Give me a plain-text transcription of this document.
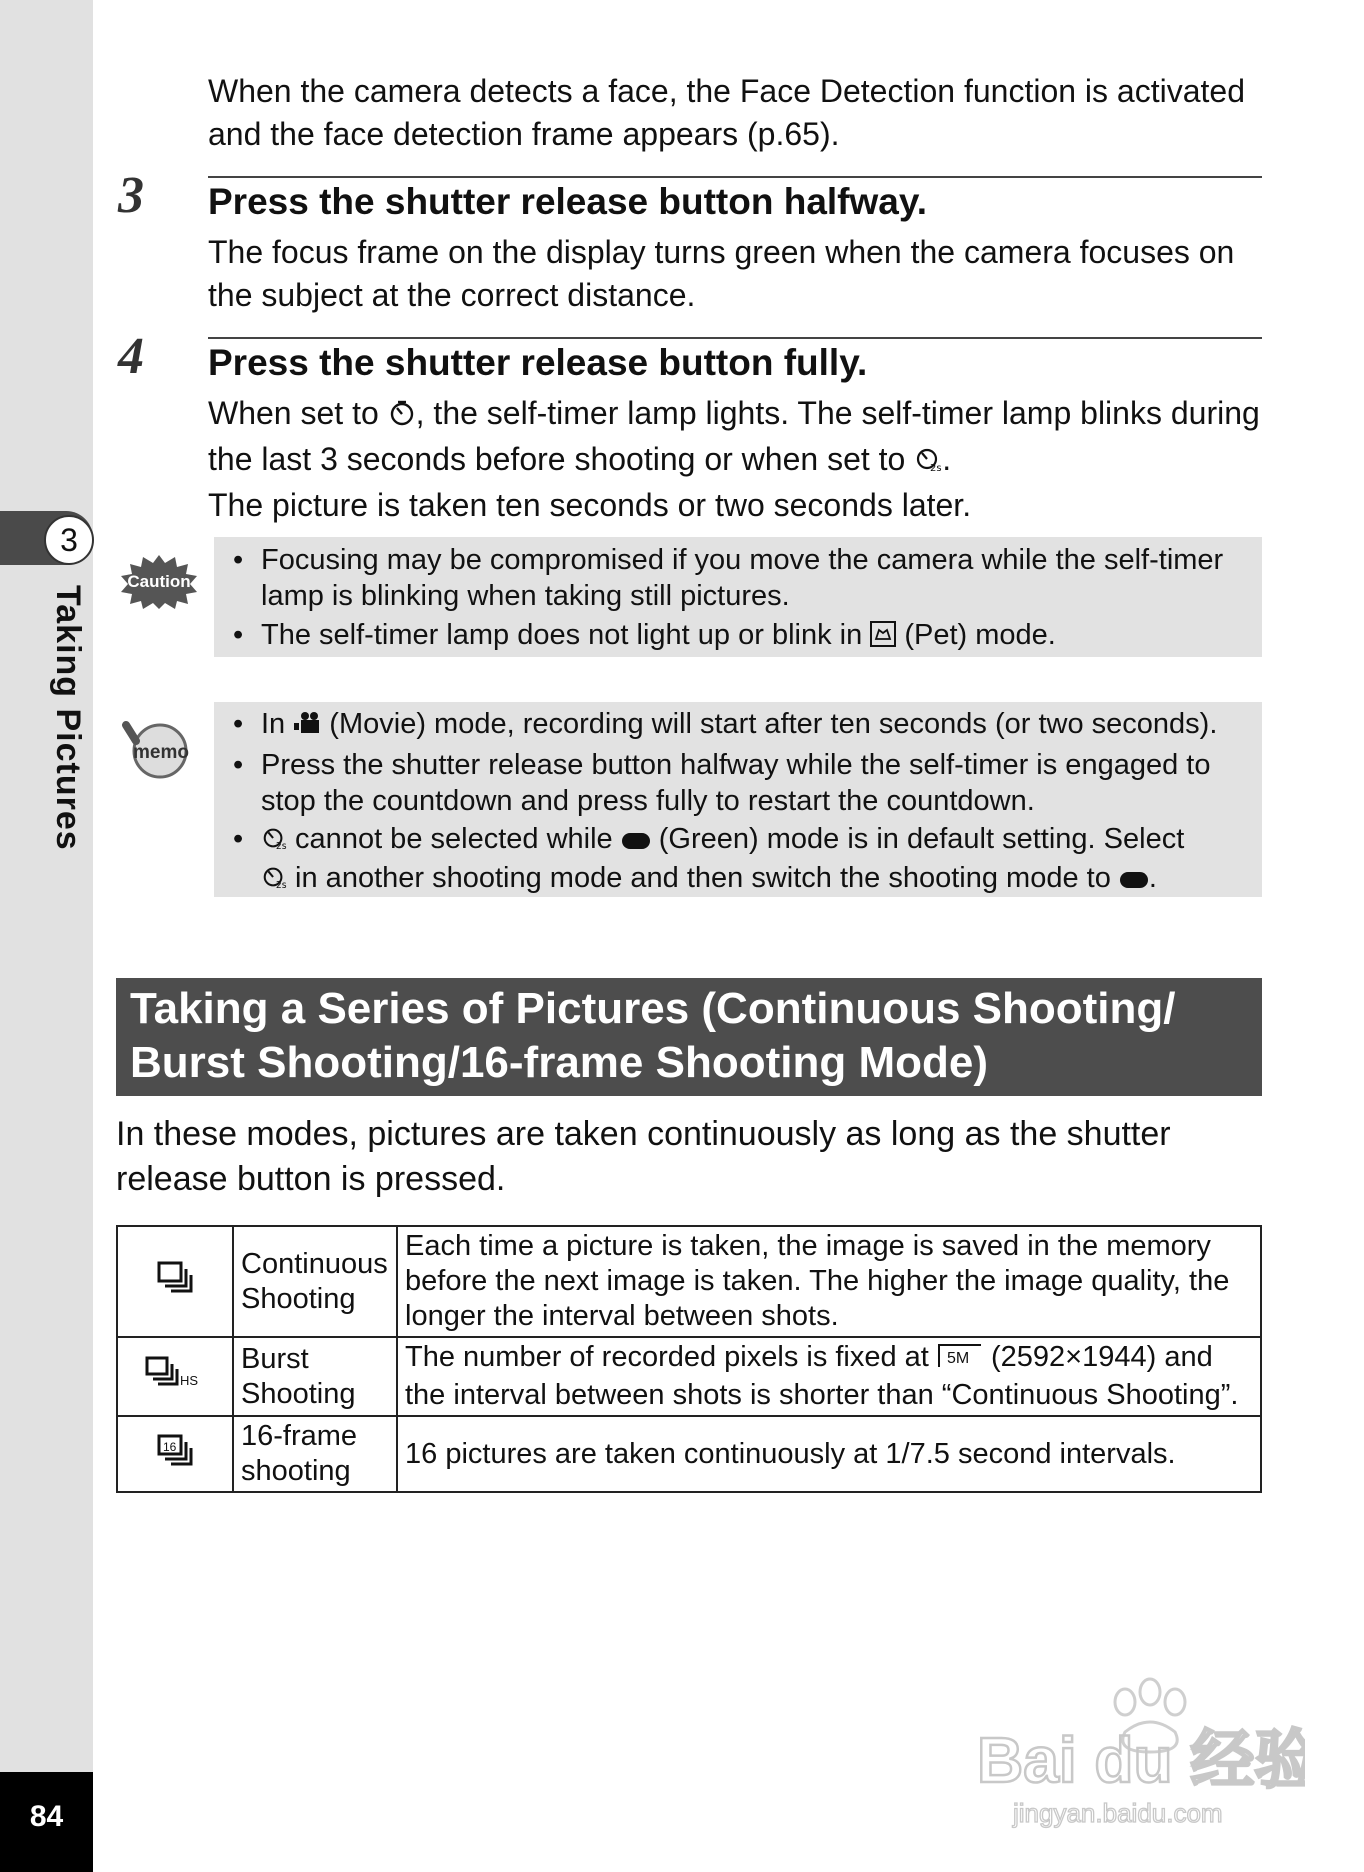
3
Taking Pictures
84
When the camera detects a face, the Face Detection function is activated and the face detection frame appears (p.65).
3 Press the shutter release button halfway.
The focus frame on the display turns green when the camera focuses on the subject at the correct distance.
4 Press the shutter release button fully.
When set to , the self-timer lamp lights. The self-timer lamp blinks during the last 3 seconds before shooting or when set to 2s .
The picture is taken ten seconds or two seconds later.
Caution
• Focusing may be compromised if you move the camera while the self-timer lamp is blinking when taking still pictures.
• The self-timer lamp does not light up or blink in  (Pet) mode.
memo
• In  (Movie) mode, recording will start after ten seconds (or two seconds).
• Press the shutter release button halfway while the self-timer is engaged to stop the countdown and press fully to restart the countdown.
• 2s cannot be selected while  (Green) mode is in default setting. Select

2s in another shooting mode and then switch the shooting mode to .
Taking a Series of Pictures (Continuous Shooting/
Burst Shooting/16-frame Shooting Mode)
In these modes, pictures are taken continuously as long as the shutter release button is pressed.
	Continuous Shooting	Each time a picture is taken, the image is saved in the memory before the next image is taken. The higher the image quality, the longer the interval between shots.

HS	Burst Shooting	The number of recorded pixels is fixed at 5M (2592×1944) and the interval between shots is shorter than “Continuous Shooting”.

16	16-frame shooting	16 pictures are taken continuously at 1/7.5 second intervals.
Bai du 经验
jingyan.baidu.com
